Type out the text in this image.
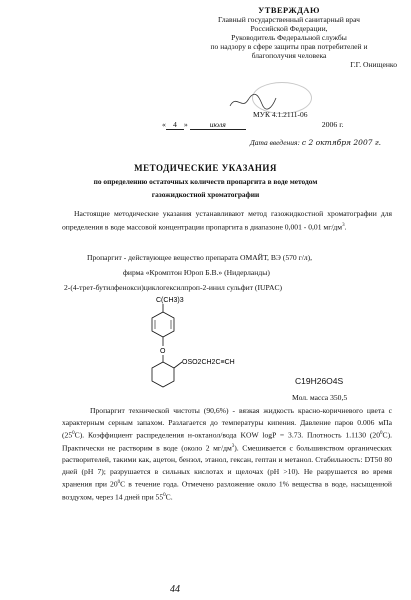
УТВЕРЖДАЮ
Главный государственный санитарный врач
Российской Федерации,
Руководитель Федеральной службы
по надзору в сфере защиты прав потребителей и
благополучия человека
Г.Г. Онищенко
МУК 4.1.2111-06
« 4 »	июля	2006 г.
Дата введения: с 2 октября 2007 г.
МЕТОДИЧЕСКИЕ УКАЗАНИЯ
по определению остаточных количеств пропаргита в воде методом
газожидкостной хроматографии
Настоящие методические указания устанавливают метод газожидкостной хроматографии для определения в воде массовой концентрации пропаргита в диапазоне 0,001 - 0,01 $мг/дм^3$.
Пропаргит - действующее вещество препарата ОМАЙТ, ВЭ (570 г/л),
фирма «Кромптон Юроп Б.В.» (Нидерланды)
2-(4-трет-бутилфенокси)циклогексилпроп-2-инил сульфит (IUPAC)
C(CH3)3
O
OSO2CH2C≡CH
C19H26O4S
Мол. масса 350,5
Пропаргит технической чистоты (90,6%) - вязкая жидкость красно-коричневого цвета с характерным серным запахом. Разлагается до температуры кипения. Давление паров 0.006 мПа $(25^0С)$. Коэффициент распределения н-октанол/вода KOW logP = 3.73. Плотность 1.1130 $(20^0С)$. Практически не растворим в воде (около 2 $мг/дм^3$). Смешивается с большинством органических растворителей, такими как, ацетон, бензол, этанол, гексан, гептан и метанол. Стабильность: DT50 80 дней (pH 7); разрушается в сильных кислотах и щелочах (pH >10). Не разрушается во время хранения при $20^0С$ в течение года. Отмечено разложение около 1% вещества в воде, насыщенной воздухом, через 14 дней при $55^0С$.
44
